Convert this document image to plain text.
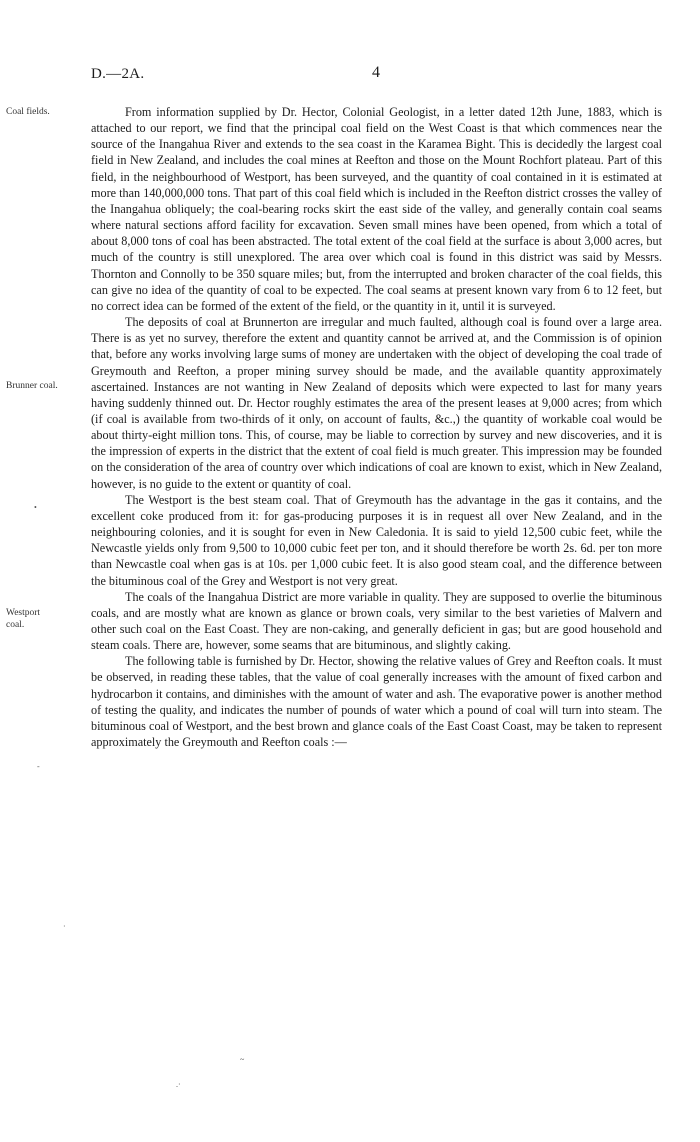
D.—2A.	4
Coal fields.
Brunner coal.
Westport coal.

From information supplied by Dr. Hector, Colonial Geologist, in a letter dated 12th June, 1883, which is attached to our report, we find that the principal coal field on the West Coast is that which commences near the source of the Inangahua River and extends to the sea coast in the Karamea Bight. This is decidedly the largest coal field in New Zealand, and includes the coal mines at Reefton and those on the Mount Rochfort plateau. Part of this field, in the neighbourhood of Westport, has been surveyed, and the quantity of coal contained in it is estimated at more than 140,000,000 tons. That part of this coal field which is included in the Reefton district crosses the valley of the Inangahua obliquely; the coal-bearing rocks skirt the east side of the valley, and generally contain coal seams where natural sections afford facility for excavation. Seven small mines have been opened, from which a total of about 8,000 tons of coal has been abstracted. The total extent of the coal field at the surface is about 3,000 acres, but much of the country is still unexplored. The area over which coal is found in this district was said by Messrs. Thornton and Connolly to be 350 square miles; but, from the interrupted and broken character of the coal fields, this can give no idea of the quantity of coal to be expected. The coal seams at present known vary from 6 to 12 feet, but no correct idea can be formed of the extent of the field, or the quantity in it, until it is surveyed.

The deposits of coal at Brunnerton are irregular and much faulted, although coal is found over a large area. There is as yet no survey, therefore the extent and quantity cannot be arrived at, and the Commission is of opinion that, before any works involving large sums of money are undertaken with the object of developing the coal trade of Greymouth and Reefton, a proper mining survey should be made, and the available quantity approximately ascertained. Instances are not wanting in New Zealand of deposits which were expected to last for many years having suddenly thinned out. Dr. Hector roughly estimates the area of the present leases at 9,000 acres; from which (if coal is available from two-thirds of it only, on account of faults, &c.,) the quantity of workable coal would be about thirty-eight million tons. This, of course, may be liable to correction by survey and new discoveries, and it is the impression of experts in the district that the extent of coal field is much greater. This impression may be founded on the consideration of the area of country over which indications of coal are known to exist, which in New Zealand, however, is no guide to the extent or quantity of coal.

The Westport is the best steam coal. That of Greymouth has the advantage in the gas it contains, and the excellent coke produced from it: for gas-producing purposes it is in request all over New Zealand, and in the neighbouring colonies, and it is sought for even in New Caledonia. It is said to yield 12,500 cubic feet, while the Newcastle yields only from 9,500 to 10,000 cubic feet per ton, and it should therefore be worth 2s. 6d. per ton more than Newcastle coal when gas is at 10s. per 1,000 cubic feet. It is also good steam coal, and the difference between the bituminous coal of the Grey and Westport is not very great.

The coals of the Inangahua District are more variable in quality. They are supposed to overlie the bituminous coals, and are mostly what are known as glance or brown coals, very similar to the best varieties of Malvern and other such coal on the East Coast. They are non-caking, and generally deficient in gas; but are good household and steam coals. There are, however, some seams that are bituminous, and slightly caking.

The following table is furnished by Dr. Hector, showing the relative values of Grey and Reefton coals. It must be observed, in reading these tables, that the value of coal generally increases with the amount of fixed carbon and hydrocarbon it contains, and diminishes with the amount of water and ash. The evaporative power is another method of testing the quality, and indicates the number of pounds of water which a pound of coal will turn into steam. The bituminous coal of Westport, and the best brown and glance coals of the East Coast Coast, may be taken to represent approximately the Greymouth and Reefton coals :—

•
-
·
~
.·
